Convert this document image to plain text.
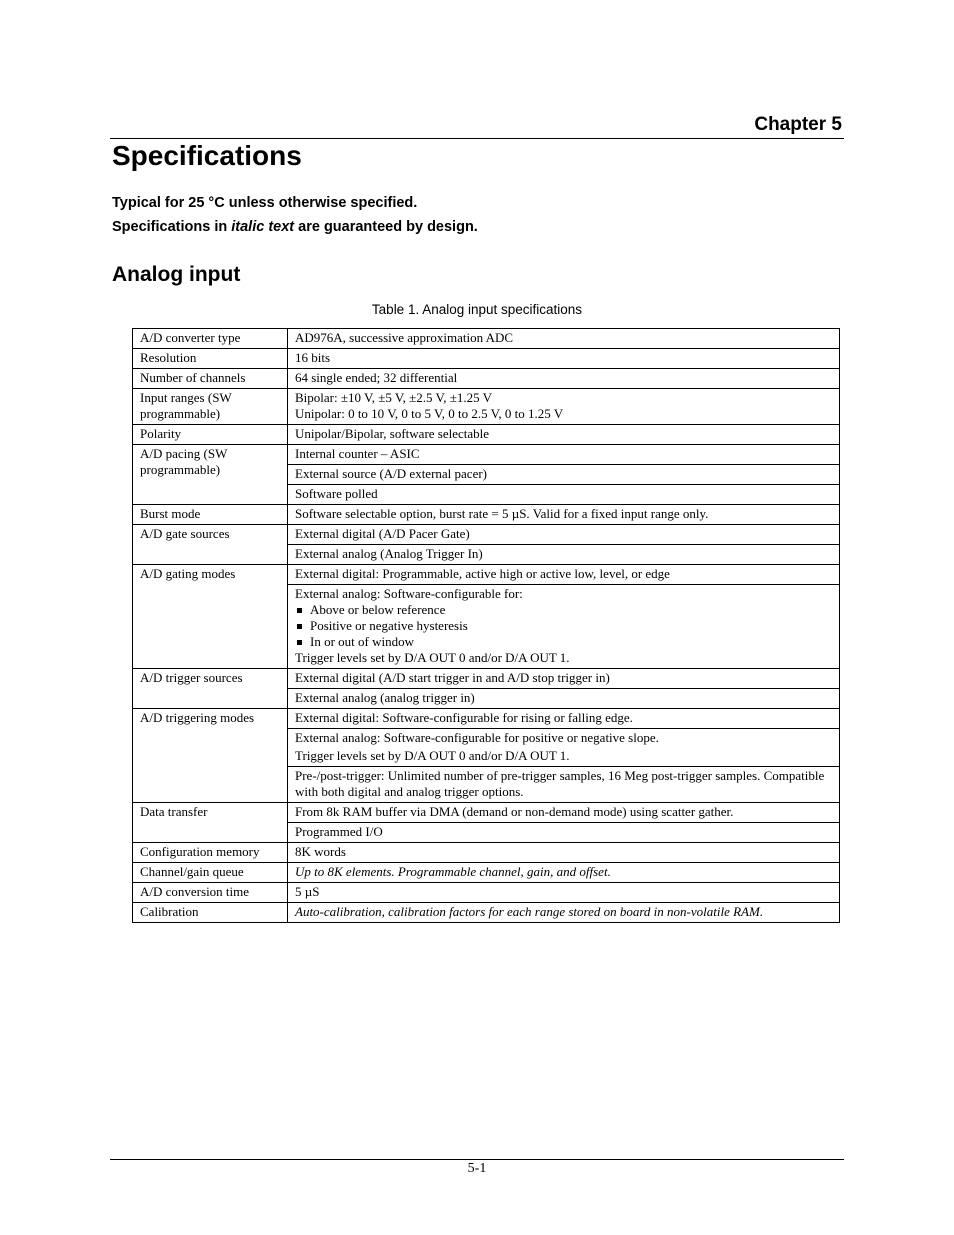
Chapter 5
Specifications
Typical for 25 °C unless otherwise specified.
Specifications in italic text are guaranteed by design.
Analog input
Table 1. Analog input specifications
A/D converter type	AD976A, successive approximation ADC
Resolution	16 bits
Number of channels	64 single ended; 32 differential
Input ranges (SW programmable)	Bipolar: ±10 V, ±5 V, ±2.5 V, ±1.25 V
Unipolar: 0 to 10 V, 0 to 5 V, 0 to 2.5 V, 0 to 1.25 V

Polarity	Unipolar/Bipolar, software selectable
A/D pacing (SW programmable)	Internal counter – ASIC
	External source (A/D external pacer)
	Software polled
Burst mode	Software selectable option, burst rate = 5 µS. Valid for a fixed input range only.
A/D gate sources	External digital (A/D Pacer Gate)
	External analog (Analog Trigger In)
A/D gating modes	External digital: Programmable, active high or active low, level, or edge

	External analog: Software-configurable for:
Above or below reference
Positive or negative hysteresis
In or out of window
Trigger levels set by D/A OUT 0 and/or D/A OUT 1.

A/D trigger sources	External digital (A/D start trigger in and A/D stop trigger in)
	External analog (analog trigger in)
A/D triggering modes	External digital: Software-configurable for rising or falling edge.

	External analog: Software-configurable for positive or negative slope.
Trigger levels set by D/A OUT 0 and/or D/A OUT 1.

	Pre-/post-trigger: Unlimited number of pre-trigger samples, 16 Meg post-trigger samples. Compatible with both digital and analog trigger options.
Data transfer	From 8k RAM buffer via DMA (demand or non-demand mode) using scatter gather.
	Programmed I/O
Configuration memory	8K words
Channel/gain queue	Up to 8K elements. Programmable channel, gain, and offset.
A/D conversion time	5 µS
Calibration	Auto-calibration, calibration factors for each range stored on board in non-volatile RAM.
5-1
